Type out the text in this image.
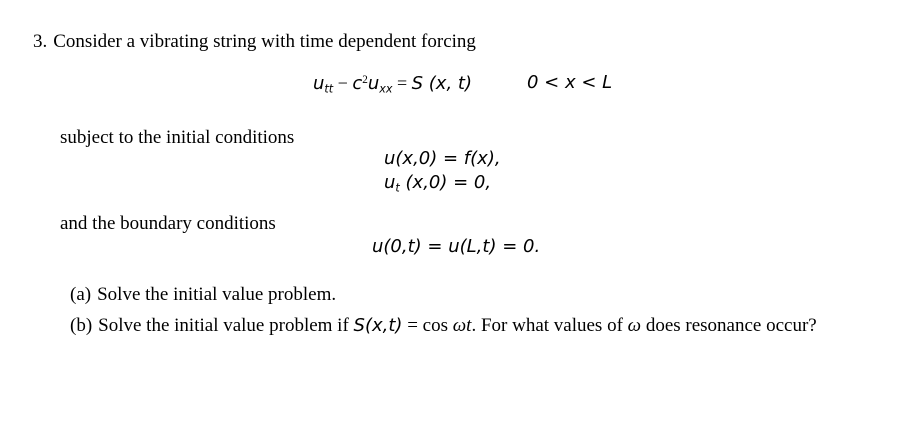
3. Consider a vibrating string with time dependent forcing
$u_{tt} - c^2u_{xx} = S$ (x, t)	0 < x < L
subject to the initial conditions
u(x,0) = f(x),
$u_t$ (x,0) = 0,
and the boundary conditions
u(0,t) = u(L,t) = 0.
(a) Solve the initial value problem.
(b) Solve the initial value problem if S(x,t) = cos ωt. For what values of ω does resonance occur?
